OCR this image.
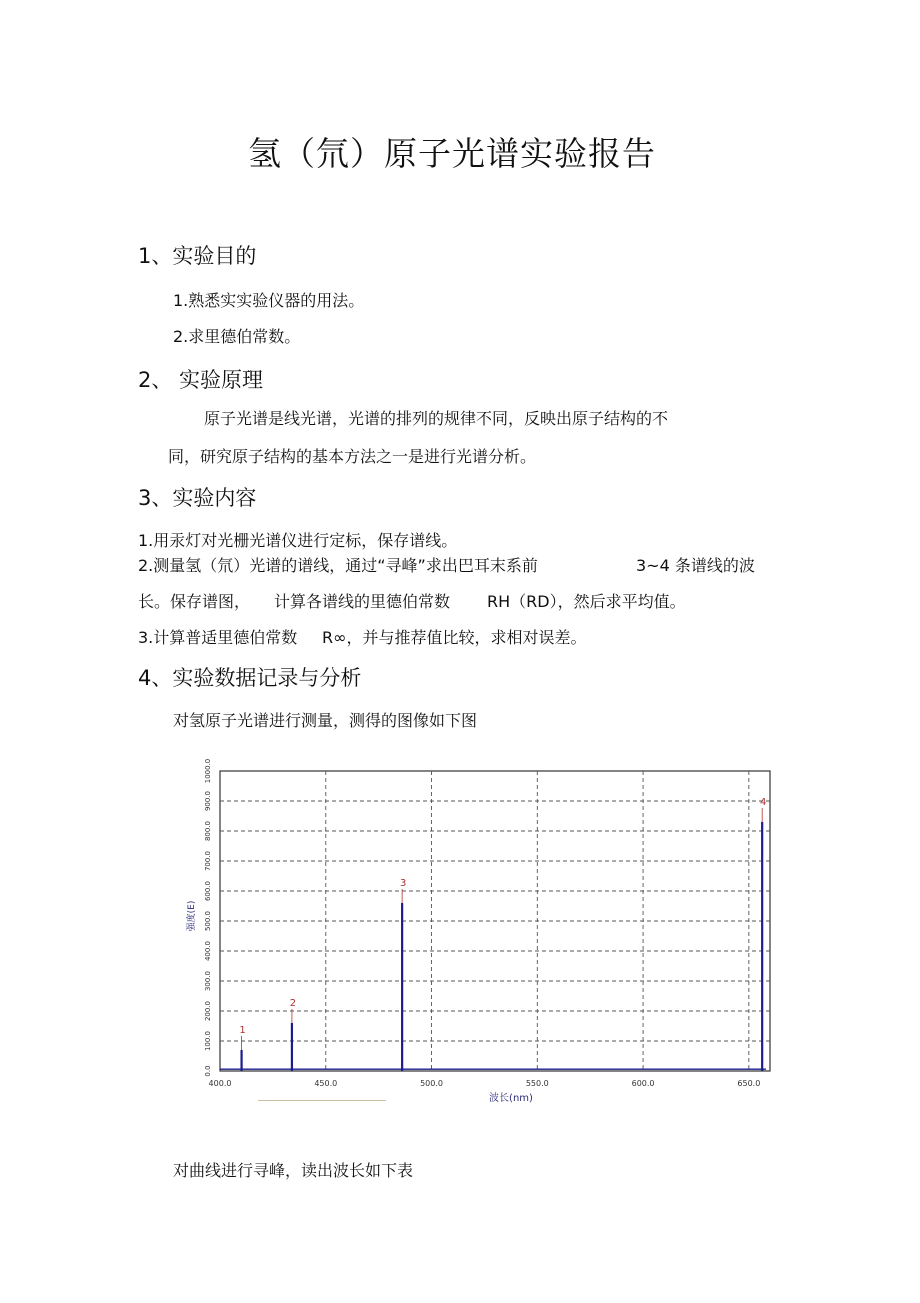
氢（氘）原子光谱实验报告
1、实验目的
1.熟悉实实验仪器的用法。
2.求里德伯常数。
2、 实验原理
原子光谱是线光谱，光谱的排列的规律不同，反映出原子结构的不
同，研究原子结构的基本方法之一是进行光谱分析。
3、实验内容
1.用汞灯对光栅光谱仪进行定标，保存谱线。
2.测量氢（氘）光谱的谱线，通过“寻峰”求出巴耳末系前	3~4 条谱线的波
长。保存谱图， 计算各谱线的里德伯常数 RH（RD），然后求平均值。
3.计算普适里德伯常数 R∞，并与推荐值比较，求相对误差。
4、实验数据记录与分析
对氢原子光谱进行测量，测得的图像如下图
400.0	450.0	500.0	550.0	600.0	650.0
0.0
100.0
200.0
300.0
400.0
500.0
600.0
700.0
800.0
900.0
1000.0
波长(nm)
强度(E)
1
2
3
4
对曲线进行寻峰，读出波长如下表
